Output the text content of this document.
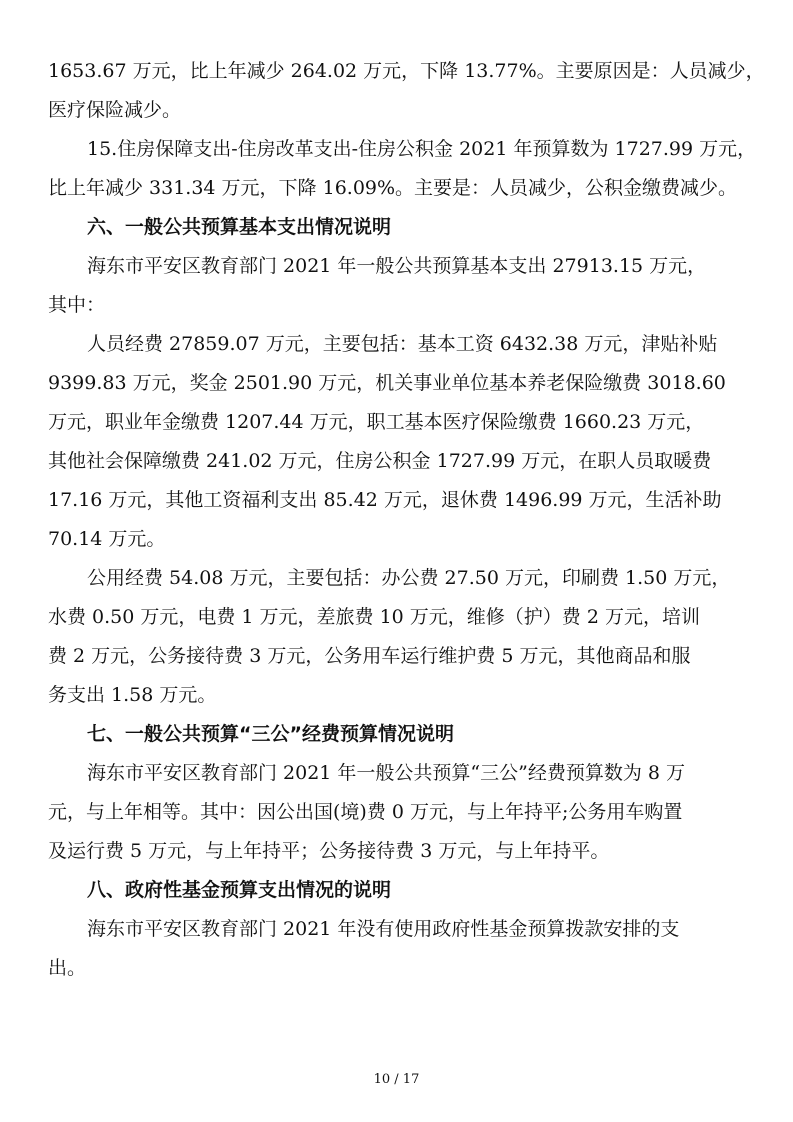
1653.67 万元，比上年减少 264.02 万元，下降 13.77%。主要原因是：人员减少，

医疗保险减少。

15.住房保障支出-住房改革支出-住房公积金 2021 年预算数为 1727.99 万元，

比上年减少 331.34 万元，下降 16.09%。主要是：人员减少，公积金缴费减少。

六、一般公共预算基本支出情况说明

海东市平安区教育部门 2021 年一般公共预算基本支出 27913.15 万元，

其中：

人员经费 27859.07 万元，主要包括：基本工资 6432.38 万元，津贴补贴

9399.83 万元，奖金 2501.90 万元，机关事业单位基本养老保险缴费 3018.60

万元，职业年金缴费 1207.44 万元，职工基本医疗保险缴费 1660.23 万元，

其他社会保障缴费 241.02 万元，住房公积金 1727.99 万元，在职人员取暖费

17.16 万元，其他工资福利支出 85.42 万元，退休费 1496.99 万元，生活补助

70.14 万元。

公用经费 54.08 万元，主要包括：办公费 27.50 万元，印刷费 1.50 万元，

水费 0.50 万元，电费 1 万元，差旅费 10 万元，维修（护）费 2 万元，培训

费 2 万元，公务接待费 3 万元，公务用车运行维护费 5 万元，其他商品和服

务支出 1.58 万元。

七、一般公共预算“三公”经费预算情况说明

海东市平安区教育部门 2021 年一般公共预算“三公”经费预算数为 8 万

元，与上年相等。其中：因公出国(境)费 0 万元，与上年持平;公务用车购置

及运行费 5 万元，与上年持平；公务接待费 3 万元，与上年持平。

八、政府性基金预算支出情况的说明

海东市平安区教育部门 2021 年没有使用政府性基金预算拨款安排的支

出。

10 / 17
